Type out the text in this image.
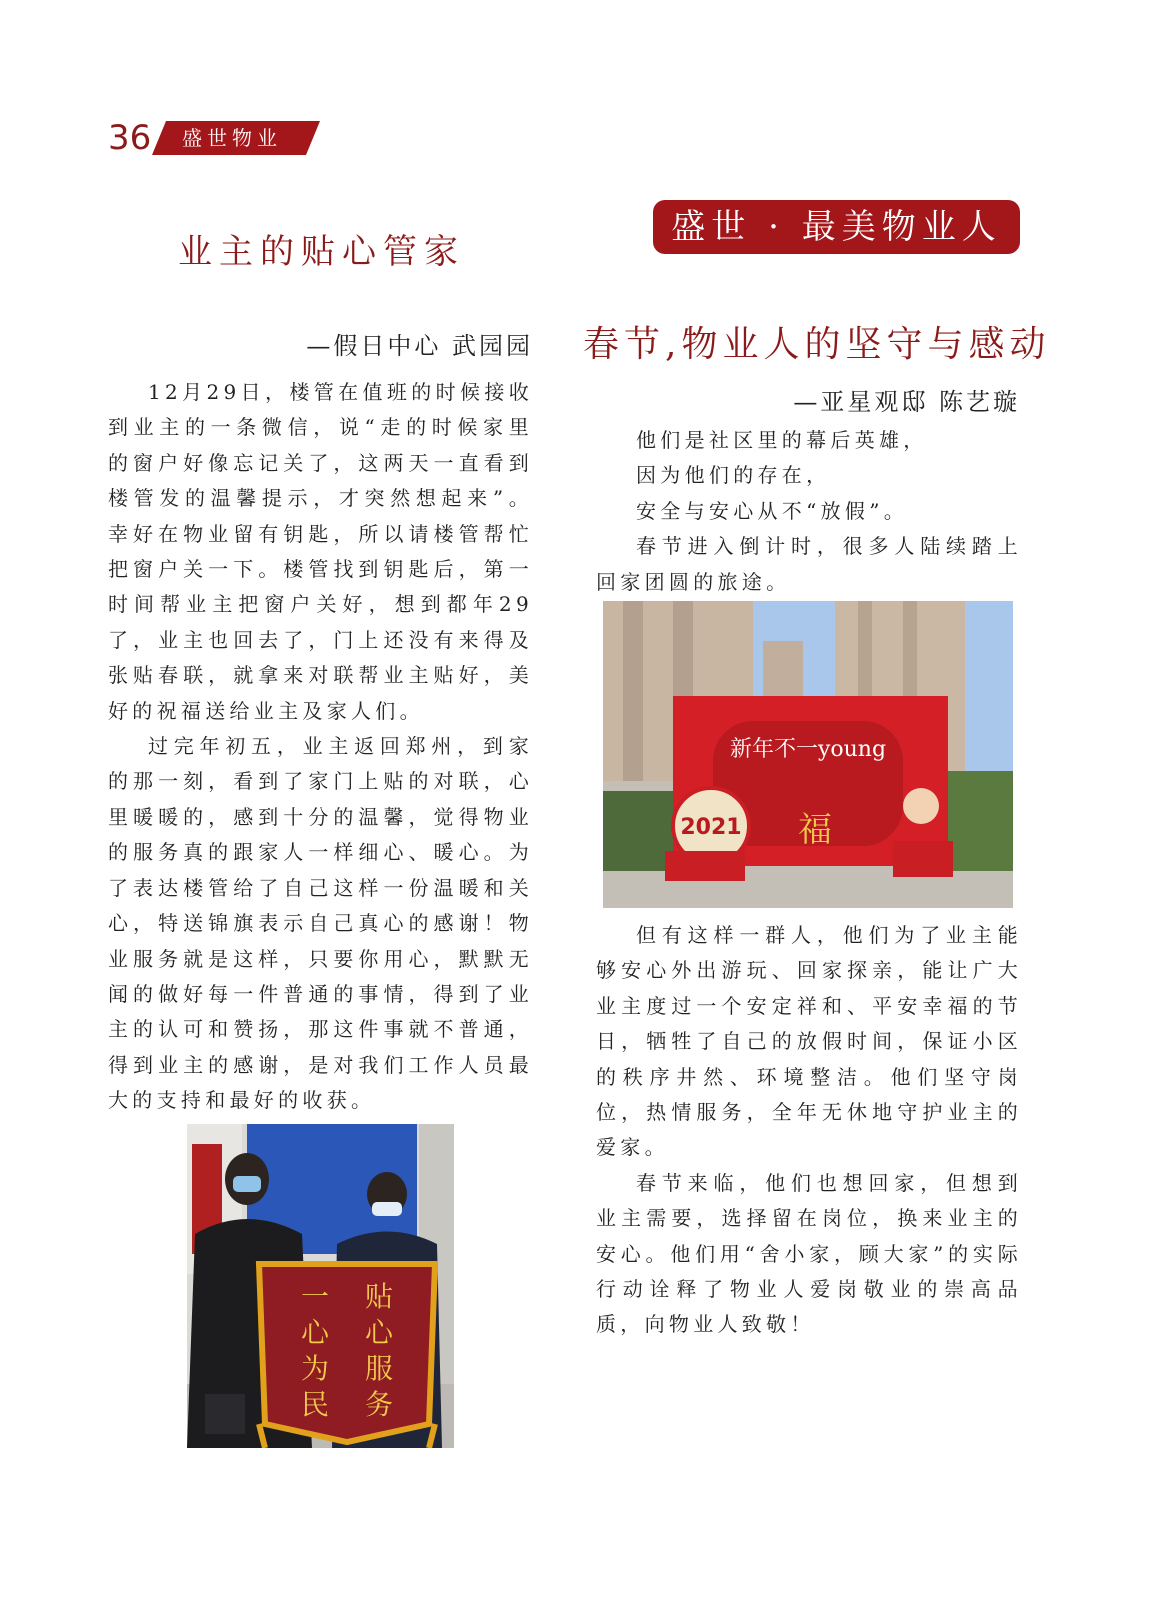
36 盛世物业
盛世 · 最美物业人
业主的贴心管家
—假日中心 武园园

12月29日，楼管在值班的时候接收到业主的一条微信，说“走的时候家里的窗户好像忘记关了，这两天一直看到楼管发的温馨提示，才突然想起来”。幸好在物业留有钥匙，所以请楼管帮忙把窗户关一下。楼管找到钥匙后，第一时间帮业主把窗户关好，想到都年29了，业主也回去了，门上还没有来得及张贴春联，就拿来对联帮业主贴好，美好的祝福送给业主及家人们。

过完年初五，业主返回郑州，到家的那一刻，看到了家门上贴的对联，心里暖暖的，感到十分的温馨，觉得物业的服务真的跟家人一样细心、暖心。为了表达楼管给了自己这样一份温暖和关心，特送锦旗表示自己真心的感谢！物业服务就是这样，只要你用心，默默无闻的做好每一件普通的事情，得到了业主的认可和赞扬，那这件事就不普通，得到业主的感谢，是对我们工作人员最大的支持和最好的收获。

贴
心
服
务
一
心
为
民
春节,物业人的坚守与感动
—亚星观邸 陈艺璇

他们是社区里的幕后英雄，

因为他们的存在，

安全与安心从不“放假”。

春节进入倒计时，很多人陆续踏上回家团圆的旅途。

新年不一young
2021 福

但有这样一群人，他们为了业主能够安心外出游玩、回家探亲，能让广大业主度过一个安定祥和、平安幸福的节日，牺牲了自己的放假时间，保证小区的秩序井然、环境整洁。他们坚守岗位，热情服务，全年无休地守护业主的爱家。

春节来临，他们也想回家，但想到业主需要，选择留在岗位，换来业主的安心。他们用“舍小家，顾大家”的实际行动诠释了物业人爱岗敬业的崇高品质，向物业人致敬！
